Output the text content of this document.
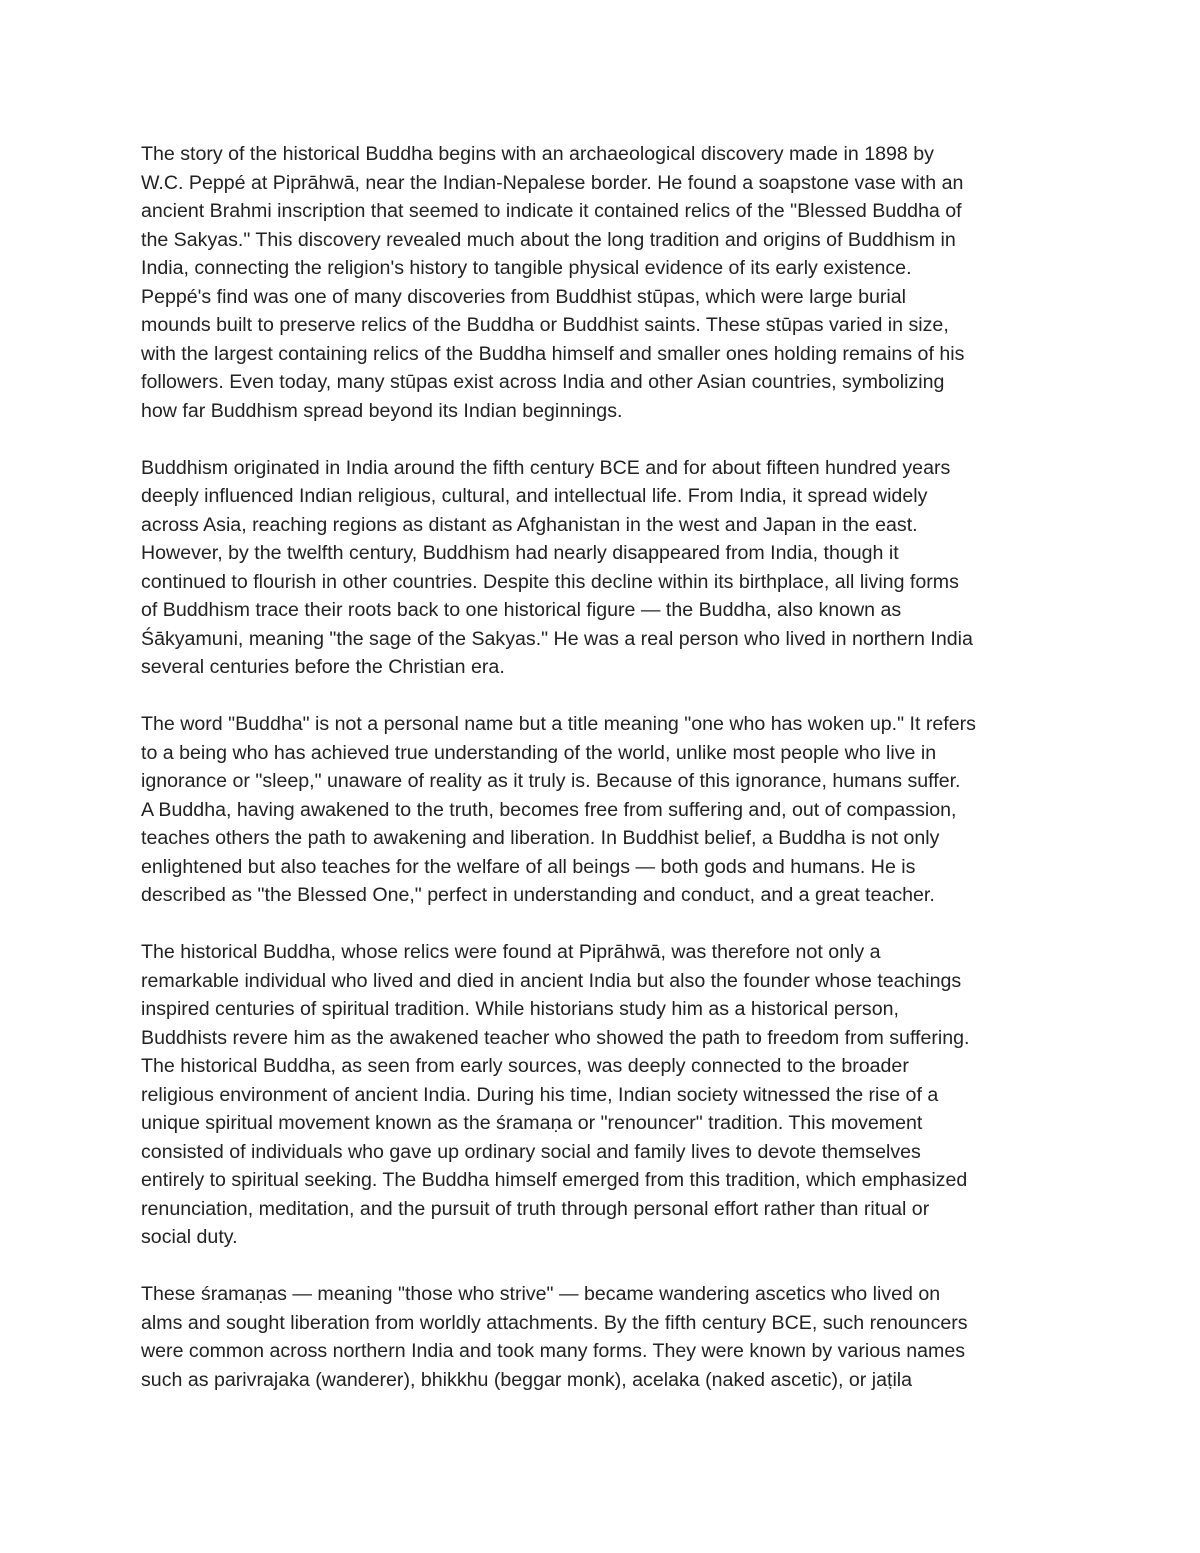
The story of the historical Buddha begins with an archaeological discovery made in 1898 by
W.C. Peppé at Piprāhwā, near the Indian-Nepalese border. He found a soapstone vase with an
ancient Brahmi inscription that seemed to indicate it contained relics of the "Blessed Buddha of
the Sakyas." This discovery revealed much about the long tradition and origins of Buddhism in
India, connecting the religion's history to tangible physical evidence of its early existence.
Peppé's find was one of many discoveries from Buddhist stūpas, which were large burial
mounds built to preserve relics of the Buddha or Buddhist saints. These stūpas varied in size,
with the largest containing relics of the Buddha himself and smaller ones holding remains of his
followers. Even today, many stūpas exist across India and other Asian countries, symbolizing
how far Buddhism spread beyond its Indian beginnings.

Buddhism originated in India around the fifth century BCE and for about fifteen hundred years
deeply influenced Indian religious, cultural, and intellectual life. From India, it spread widely
across Asia, reaching regions as distant as Afghanistan in the west and Japan in the east.
However, by the twelfth century, Buddhism had nearly disappeared from India, though it
continued to flourish in other countries. Despite this decline within its birthplace, all living forms
of Buddhism trace their roots back to one historical figure — the Buddha, also known as
Śākyamuni, meaning "the sage of the Sakyas." He was a real person who lived in northern India
several centuries before the Christian era.

The word "Buddha" is not a personal name but a title meaning "one who has woken up." It refers
to a being who has achieved true understanding of the world, unlike most people who live in
ignorance or "sleep," unaware of reality as it truly is. Because of this ignorance, humans suffer.
A Buddha, having awakened to the truth, becomes free from suffering and, out of compassion,
teaches others the path to awakening and liberation. In Buddhist belief, a Buddha is not only
enlightened but also teaches for the welfare of all beings — both gods and humans. He is
described as "the Blessed One," perfect in understanding and conduct, and a great teacher.

The historical Buddha, whose relics were found at Piprāhwā, was therefore not only a
remarkable individual who lived and died in ancient India but also the founder whose teachings
inspired centuries of spiritual tradition. While historians study him as a historical person,
Buddhists revere him as the awakened teacher who showed the path to freedom from suffering.
The historical Buddha, as seen from early sources, was deeply connected to the broader
religious environment of ancient India. During his time, Indian society witnessed the rise of a
unique spiritual movement known as the śramaṇa or "renouncer" tradition. This movement
consisted of individuals who gave up ordinary social and family lives to devote themselves
entirely to spiritual seeking. The Buddha himself emerged from this tradition, which emphasized
renunciation, meditation, and the pursuit of truth through personal effort rather than ritual or
social duty.

These śramaṇas — meaning "those who strive" — became wandering ascetics who lived on
alms and sought liberation from worldly attachments. By the fifth century BCE, such renouncers
were common across northern India and took many forms. They were known by various names
such as parivrajaka (wanderer), bhikkhu (beggar monk), acelaka (naked ascetic), or jaṭila
